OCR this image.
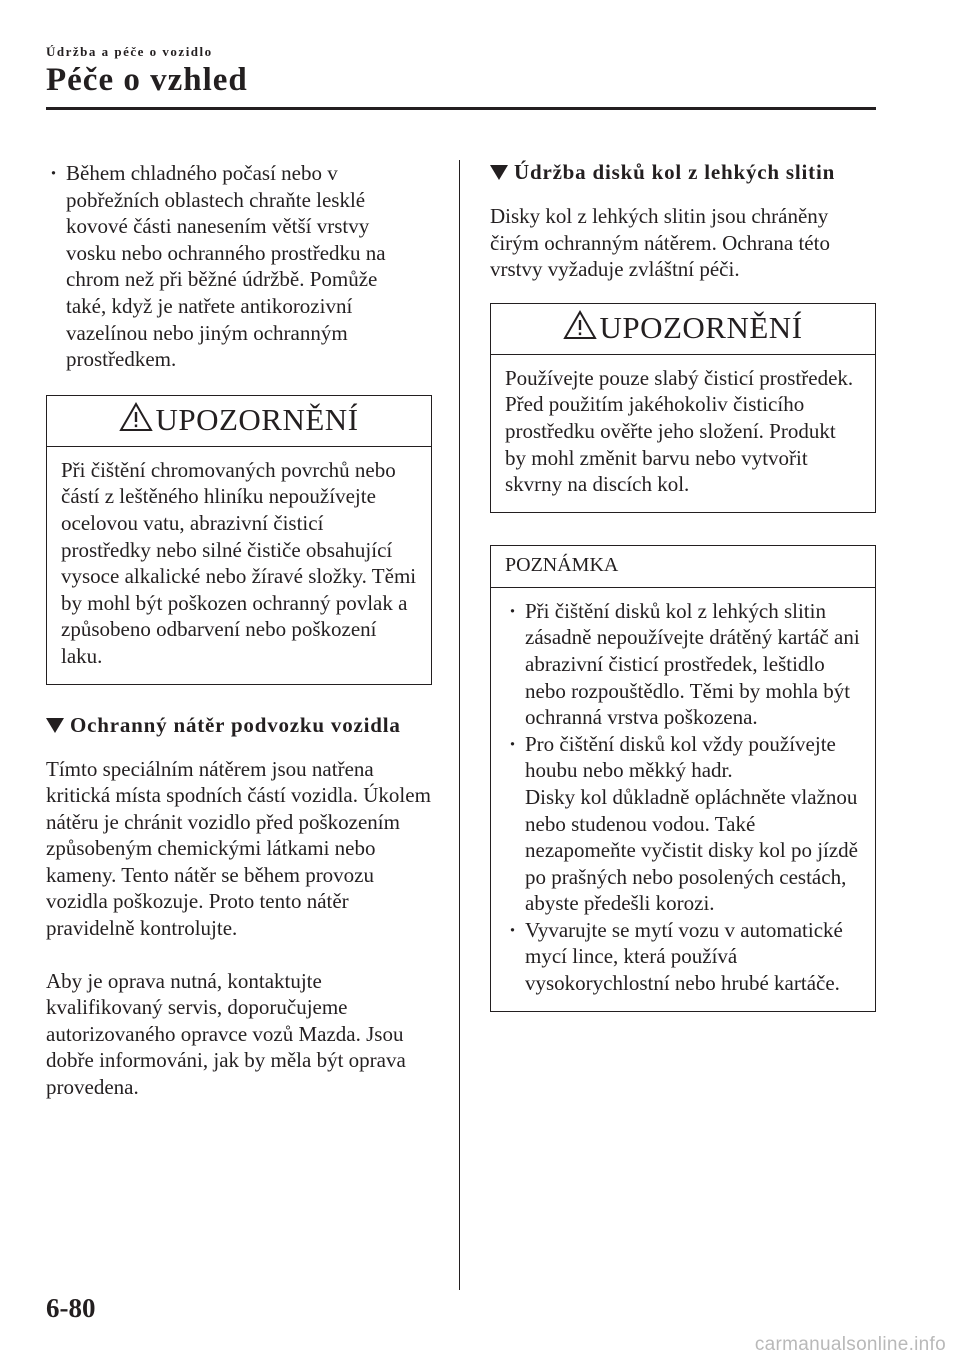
Údržba a péče o vozidlo
Péče o vzhled

· Během chladného počasí nebo v pobřežních oblastech chraňte lesklé kovové části nanesením větší vrstvy vosku nebo ochranného prostředku na chrom než při běžné údržbě. Pomůže také, když je natřete antikorozivní vazelínou nebo jiným ochranným prostředkem.

UPOZORNĚNÍ
Při čištění chromovaných povrchů nebo částí z leštěného hliníku nepoužívejte ocelovou vatu, abrazivní čisticí prostředky nebo silné čističe obsahující vysoce alkalické nebo žíravé složky. Těmi by mohl být poškozen ochranný povlak a způsobeno odbarvení nebo poškození laku.

Ochranný nátěr podvozku vozidla

Tímto speciálním nátěrem jsou natřena kritická místa spodních částí vozidla. Úkolem nátěru je chránit vozidlo před poškozením způsobeným chemickými látkami nebo kameny. Tento nátěr se během provozu vozidla poškozuje. Proto tento nátěr pravidelně kontrolujte.

Aby je oprava nutná, kontaktujte kvalifikovaný servis, doporučujeme autorizovaného opravce vozů Mazda. Jsou dobře informováni, jak by měla být oprava provedena.

Údržba disků kol z lehkých slitin

Disky kol z lehkých slitin jsou chráněny čirým ochranným nátěrem. Ochrana této vrstvy vyžaduje zvláštní péči.

UPOZORNĚNÍ
Používejte pouze slabý čisticí prostředek. Před použitím jakéhokoliv čisticího prostředku ověřte jeho složení. Produkt by mohl změnit barvu nebo vytvořit skvrny na discích kol.
POZNÁMKA

· Při čištění disků kol z lehkých slitin zásadně nepoužívejte drátěný kartáč ani abrazivní čisticí prostředek, leštidlo nebo rozpouštědlo. Těmi by mohla být ochranná vrstva poškozena.

· Pro čištění disků kol vždy používejte houbu nebo měkký hadr.

Disky kol důkladně opláchněte vlažnou nebo studenou vodou. Také nezapomeňte vyčistit disky kol po jízdě po prašných nebo posolených cestách, abyste předešli korozi.

· Vyvarujte se mytí vozu v automatické mycí lince, která používá vysokorychlostní nebo hrubé kartáče.

6-80
carmanualsonline.info
